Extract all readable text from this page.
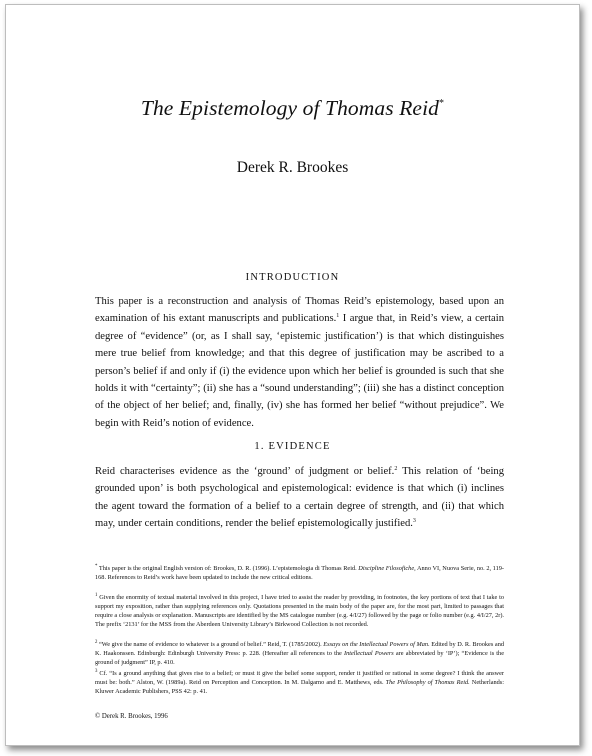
The Epistemology of Thomas Reid*
Derek R. Brookes
INTRODUCTION
This paper is a reconstruction and analysis of Thomas Reid’s epistemology, based upon an examination of his extant manuscripts and publications.$^1$ I argue that, in Reid’s view, a certain degree of “evidence” (or, as I shall say, ‘epistemic justification’) is that which distinguishes mere true belief from knowledge; and that this degree of justification may be ascribed to a person’s belief if and only if (i) the evidence upon which her belief is grounded is such that she holds it with “certainty”; (ii) she has a “sound understanding”; (iii) she has a distinct conception of the object of her belief; and, finally, (iv) she has formed her belief “without prejudice”. We begin with Reid’s notion of evidence.
1. EVIDENCE
Reid characterises evidence as the ‘ground’ of judgment or belief.$^2$ This relation of ‘being grounded upon’ is both psychological and epistemological: evidence is that which (i) inclines the agent toward the formation of a belief to a certain degree of strength, and (ii) that which may, under certain conditions, render the belief epistemologically justified.$^3$
* This paper is the original English version of: Brookes, D. R. (1996). L’epistemologia di Thomas Reid. Discipline Filosofiche, Anno VI, Nuova Serie, no. 2, 119-168. References to Reid’s work have been updated to include the new critical editions.
$^1$ Given the enormity of textual material involved in this project, I have tried to assist the reader by providing, in footnotes, the key portions of text that I take to support my exposition, rather than supplying references only. Quotations presented in the main body of the paper are, for the most part, limited to passages that require a close analysis or explanation. Manuscripts are identified by the MS catalogue number (e.g. 4/I/27) followed by the page or folio number (e.g. 4/I/27, 2r). The prefix ‘2131’ for the MSS from the Aberdeen University Library’s Birkwood Collection is not recorded.
$^2$ “We give the name of evidence to whatever is a ground of belief.” Reid, T. (1785/2002). Essays on the Intellectual Powers of Man. Edited by D. R. Brookes and K. Haakonssen. Edinburgh: Edinburgh University Press: p. 228. (Hereafter all references to the Intellectual Powers are abbreviated by ‘IP’); “Evidence is the ground of judgment” IP, p. 410.
$^3$ Cf. “Is a ground anything that gives rise to a belief; or must it give the belief some support, render it justified or rational in some degree? I think the answer must be: both.” Alston, W. (1989a). Reid on Perception and Conception. In M. Dalgarno and E. Matthews, eds. The Philosophy of Thomas Reid. Netherlands: Kluwer Academic Publishers, PSS 42: p. 41.
© Derek R. Brookes, 1996
